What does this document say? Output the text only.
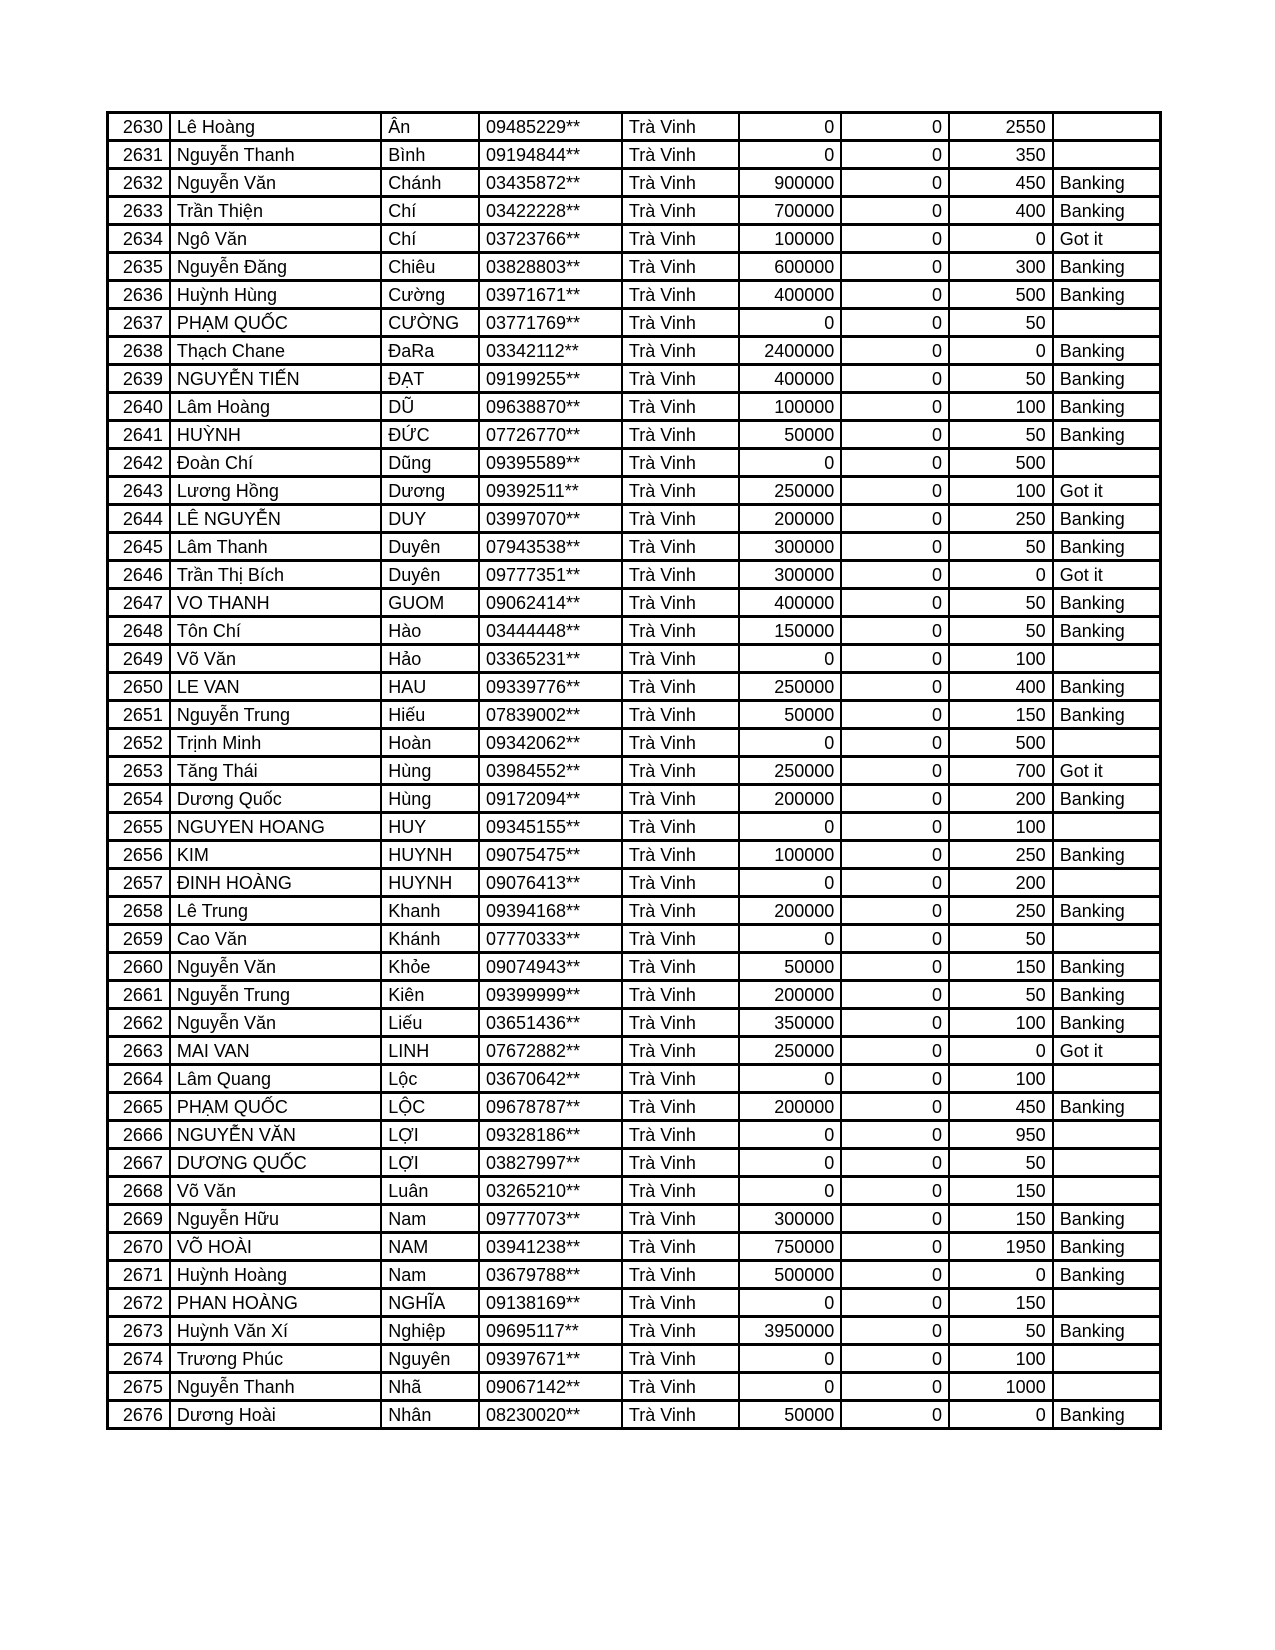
2630	Lê Hoàng	Ân	09485229**	Trà Vinh	0	0	2550	
2631	Nguyễn Thanh	Bình	09194844**	Trà Vinh	0	0	350	
2632	Nguyễn Văn	Chánh	03435872**	Trà Vinh	900000	0	450	Banking
2633	Trần Thiện	Chí	03422228**	Trà Vinh	700000	0	400	Banking
2634	Ngô Văn	Chí	03723766**	Trà Vinh	100000	0	0	Got it
2635	Nguyễn Đăng	Chiêu	03828803**	Trà Vinh	600000	0	300	Banking
2636	Huỳnh Hùng	Cường	03971671**	Trà Vinh	400000	0	500	Banking
2637	PHẠM QUỐC	CƯỜNG	03771769**	Trà Vinh	0	0	50	
2638	Thạch Chane	ĐaRa	03342112**	Trà Vinh	2400000	0	0	Banking
2639	NGUYỄN TIẾN	ĐẠT	09199255**	Trà Vinh	400000	0	50	Banking
2640	Lâm Hoàng	DŨ	09638870**	Trà Vinh	100000	0	100	Banking
2641	HUỲNH	ĐỨC	07726770**	Trà Vinh	50000	0	50	Banking
2642	Đoàn Chí	Dũng	09395589**	Trà Vinh	0	0	500	
2643	Lương Hồng	Dương	09392511**	Trà Vinh	250000	0	100	Got it
2644	LÊ NGUYỄN	DUY	03997070**	Trà Vinh	200000	0	250	Banking
2645	Lâm Thanh	Duyên	07943538**	Trà Vinh	300000	0	50	Banking
2646	Trần Thị Bích	Duyên	09777351**	Trà Vinh	300000	0	0	Got it
2647	VO THANH	GUOM	09062414**	Trà Vinh	400000	0	50	Banking
2648	Tôn Chí	Hào	03444448**	Trà Vinh	150000	0	50	Banking
2649	Võ Văn	Hảo	03365231**	Trà Vinh	0	0	100	
2650	LE VAN	HAU	09339776**	Trà Vinh	250000	0	400	Banking
2651	Nguyễn Trung	Hiếu	07839002**	Trà Vinh	50000	0	150	Banking
2652	Trịnh Minh	Hoàn	09342062**	Trà Vinh	0	0	500	
2653	Tăng Thái	Hùng	03984552**	Trà Vinh	250000	0	700	Got it
2654	Dương Quốc	Hùng	09172094**	Trà Vinh	200000	0	200	Banking
2655	NGUYEN HOANG	HUY	09345155**	Trà Vinh	0	0	100	
2656	KIM	HUYNH	09075475**	Trà Vinh	100000	0	250	Banking
2657	ĐINH HOÀNG	HUYNH	09076413**	Trà Vinh	0	0	200	
2658	Lê Trung	Khanh	09394168**	Trà Vinh	200000	0	250	Banking
2659	Cao Văn	Khánh	07770333**	Trà Vinh	0	0	50	
2660	Nguyễn Văn	Khỏe	09074943**	Trà Vinh	50000	0	150	Banking
2661	Nguyễn Trung	Kiên	09399999**	Trà Vinh	200000	0	50	Banking
2662	Nguyễn Văn	Liếu	03651436**	Trà Vinh	350000	0	100	Banking
2663	MAI VAN	LINH	07672882**	Trà Vinh	250000	0	0	Got it
2664	Lâm Quang	Lộc	03670642**	Trà Vinh	0	0	100	
2665	PHẠM QUỐC	LỘC	09678787**	Trà Vinh	200000	0	450	Banking
2666	NGUYỄN VĂN	LỢI	09328186**	Trà Vinh	0	0	950	
2667	DƯƠNG QUỐC	LỢI	03827997**	Trà Vinh	0	0	50	
2668	Võ Văn	Luân	03265210**	Trà Vinh	0	0	150	
2669	Nguyễn Hữu	Nam	09777073**	Trà Vinh	300000	0	150	Banking
2670	VÕ HOÀI	NAM	03941238**	Trà Vinh	750000	0	1950	Banking
2671	Huỳnh Hoàng	Nam	03679788**	Trà Vinh	500000	0	0	Banking
2672	PHAN HOÀNG	NGHĨA	09138169**	Trà Vinh	0	0	150	
2673	Huỳnh Văn Xí	Nghiệp	09695117**	Trà Vinh	3950000	0	50	Banking
2674	Trương Phúc	Nguyên	09397671**	Trà Vinh	0	0	100	
2675	Nguyễn Thanh	Nhã	09067142**	Trà Vinh	0	0	1000	
2676	Dương Hoài	Nhân	08230020**	Trà Vinh	50000	0	0	Banking
